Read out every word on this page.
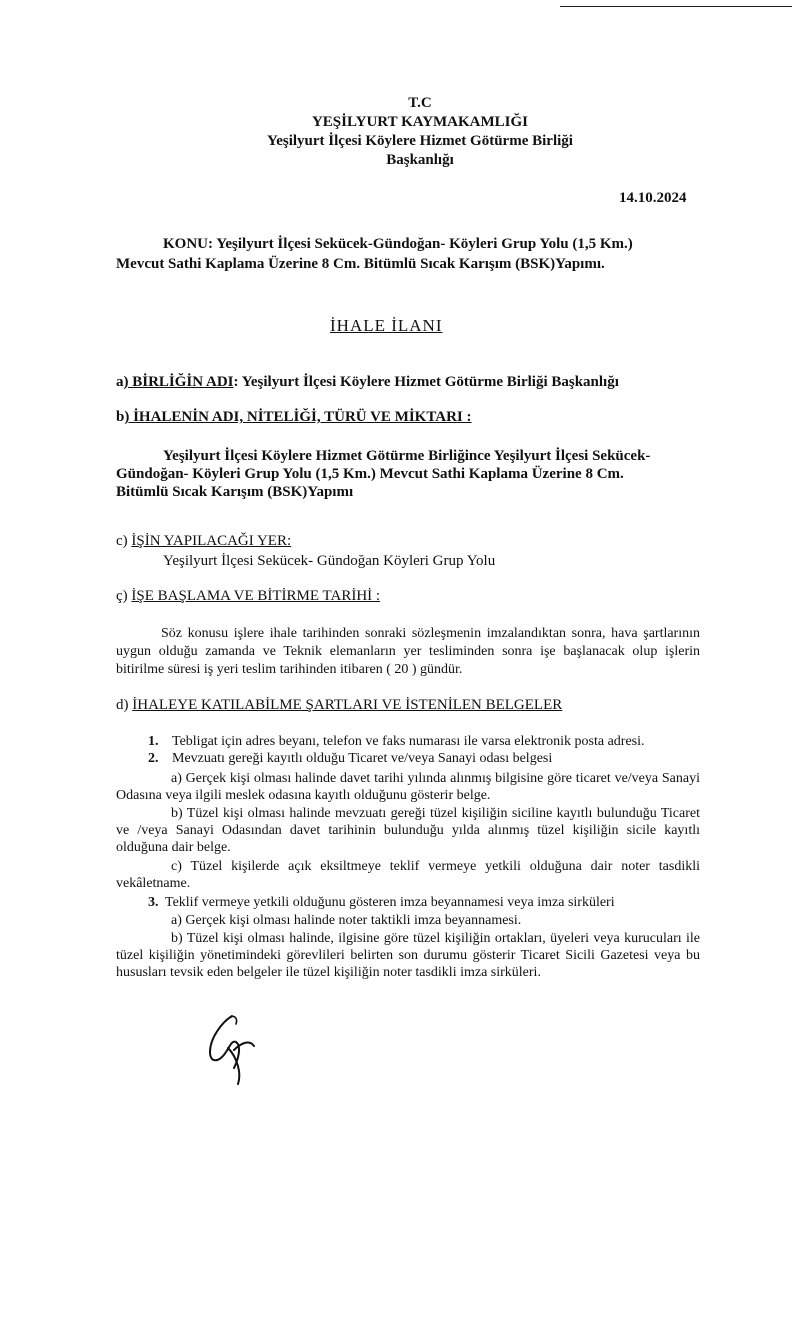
T.C
YEŞİLYURT KAYMAKAMLIĞI
Yeşilyurt İlçesi Köylere Hizmet Götürme Birliği
Başkanlığı
14.10.2024
KONU: Yeşilyurt İlçesi Sekücek-Gündoğan- Köyleri Grup Yolu (1,5 Km.)
Mevcut Sathi Kaplama Üzerine 8 Cm. Bitümlü Sıcak Karışım (BSK)Yapımı.
İHALE İLANI
a) BİRLİĞİN ADI: Yeşilyurt İlçesi Köylere Hizmet Götürme Birliği Başkanlığı
b) İHALENİN ADI, NİTELİĞİ, TÜRÜ VE MİKTARI :
Yeşilyurt İlçesi Köylere Hizmet Götürme Birliğince Yeşilyurt İlçesi Sekücek-
Gündoğan- Köyleri Grup Yolu (1,5 Km.) Mevcut Sathi Kaplama Üzerine 8 Cm.
Bitümlü Sıcak Karışım (BSK)Yapımı
c) İŞİN YAPILACAĞI YER:
Yeşilyurt İlçesi Sekücek- Gündoğan Köyleri Grup Yolu
ç) İŞE BAŞLAMA VE BİTİRME TARİHİ :
Söz konusu işlere ihale tarihinden sonraki sözleşmenin imzalandıktan sonra, hava şartlarının uygun olduğu zamanda ve Teknik elemanların yer tesliminden sonra işe başlanacak olup işlerin bitirilme süresi iş yeri teslim tarihinden itibaren ( 20 ) gündür.
d) İHALEYE KATILABİLME ŞARTLARI VE İSTENİLEN BELGELER
1. Tebligat için adres beyanı, telefon ve faks numarası ile varsa elektronik posta adresi.
2. Mevzuatı gereği kayıtlı olduğu Ticaret ve/veya Sanayi odası belgesi
a) Gerçek kişi olması halinde davet tarihi yılında alınmış bilgisine göre ticaret ve/veya Sanayi Odasına veya ilgili meslek odasına kayıtlı olduğunu gösterir belge.
b) Tüzel kişi olması halinde mevzuatı gereği tüzel kişiliğin siciline kayıtlı bulunduğu Ticaret ve /veya Sanayi Odasından davet tarihinin bulunduğu yılda alınmış tüzel kişiliğin sicile kayıtlı olduğuna dair belge.
c) Tüzel kişilerde açık eksiltmeye teklif vermeye yetkili olduğuna dair noter tasdikli vekâletname.
3. Teklif vermeye yetkili olduğunu gösteren imza beyannamesi veya imza sirküleri
a) Gerçek kişi olması halinde noter taktikli imza beyannamesi.
b) Tüzel kişi olması halinde, ilgisine göre tüzel kişiliğin ortakları, üyeleri veya kurucuları ile tüzel kişiliğin yönetimindeki görevlileri belirten son durumu gösterir Ticaret Sicili Gazetesi veya bu hususları tevsik eden belgeler ile tüzel kişiliğin noter tasdikli imza sirküleri.
